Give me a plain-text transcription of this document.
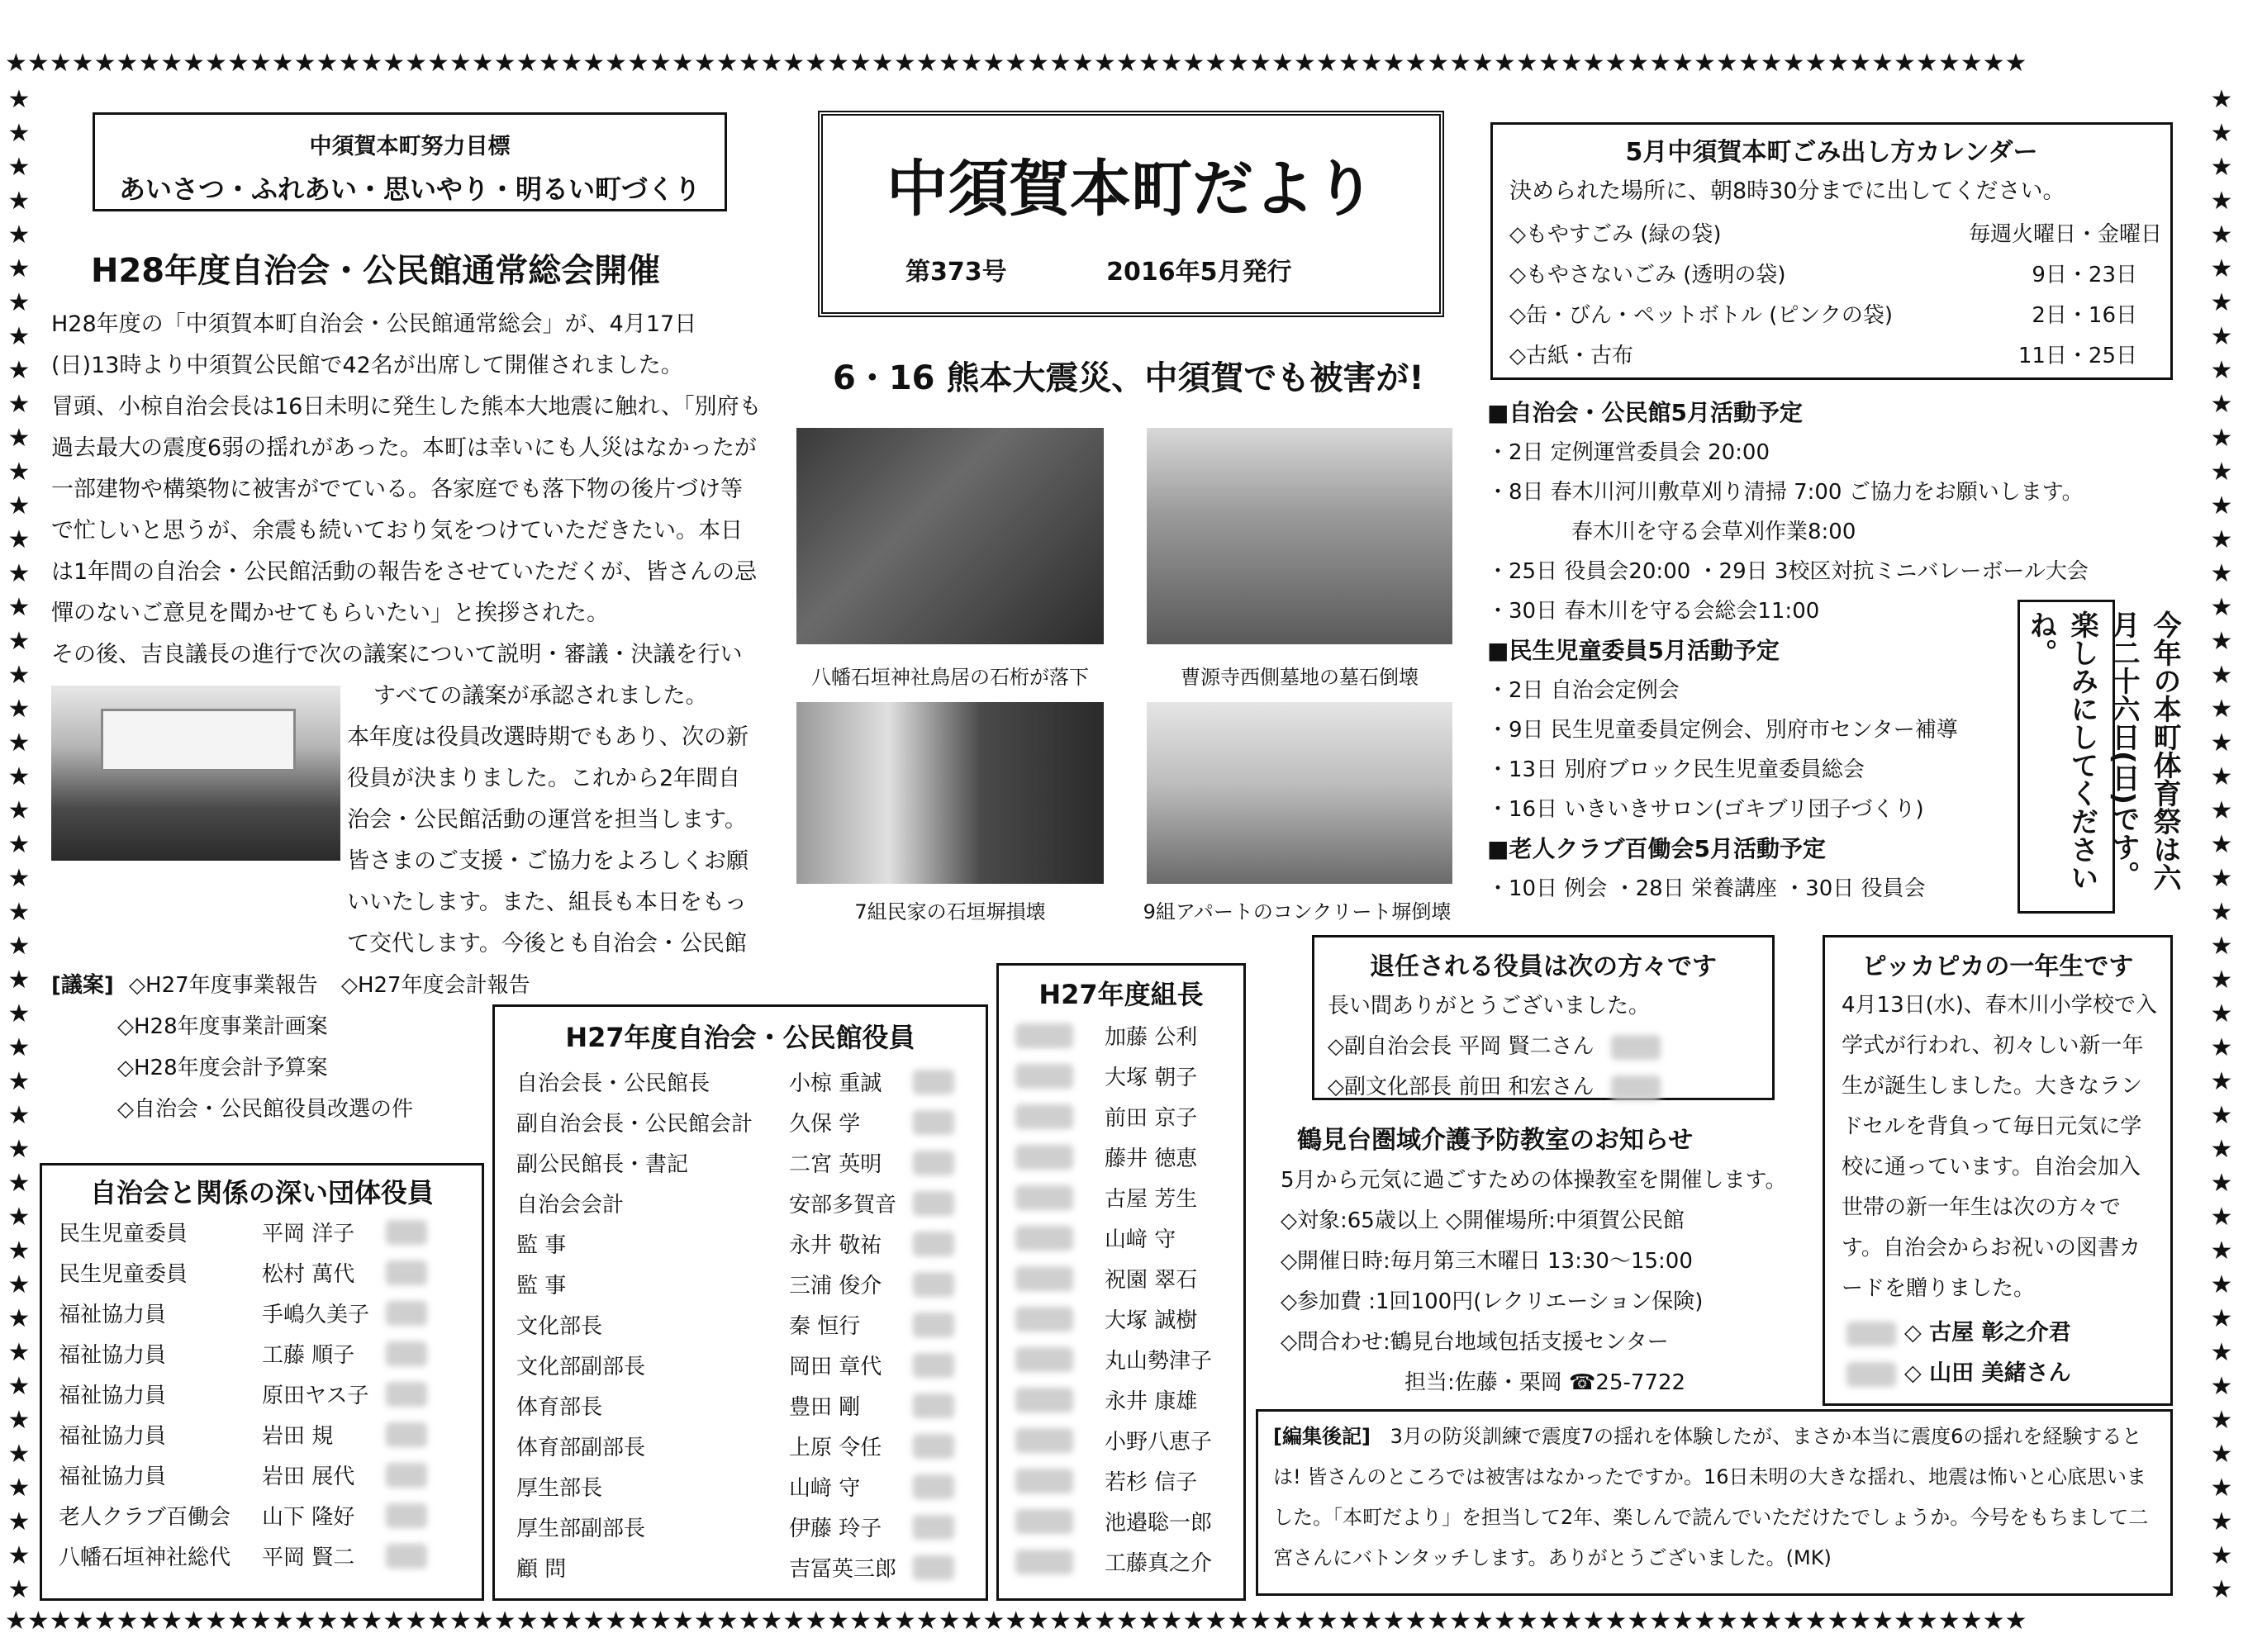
★★★★★★★★★★★★★★★★★★★★★★★★★★★★★★★★★★★★★★★★★★★★★★★★★★★★★★★★★★★★★★★★★★★★★★★★★★★★★★★★★★★★★★★★★★★
★★★★★★★★★★★★★★★★★★★★★★★★★★★★★★★★★★★★★★★★★★★★★★★★★★★★★★★★★★★★★★★★★★★★★★★★★★★★★★★★★★★★★★★★★★★
★★★★★★★★★★★★★★★★★★★★★★★★★★★★★★★★★★★★★★★★★★★★★
★★★★★★★★★★★★★★★★★★★★★★★★★★★★★★★★★★★★★★★★★★★★★
中須賀本町努力目標
あいさつ・ふれあい・思いやり・明るい町づくり	中須賀本町だより
第373号	2016年5月発行
H28年度自治会・公民館通常総会開催
H28年度の「中須賀本町自治会・公民館通常総会」が、4月17日(日)13時より中須賀公民館で42名が出席して開催されました。
冒頭、小椋自治会長は16日未明に発生した熊本大地震に触れ、「別府も過去最大の震度6弱の揺れがあった。本町は幸いにも人災はなかったが一部建物や構築物に被害がでている。各家庭でも落下物の後片づけ等で忙しいと思うが、余震も続いており気をつけていただきたい。本日は1年間の自治会・公民館活動の報告をさせていただくが、皆さんの忌憚のないご意見を聞かせてもらいたい」と挨拶された。
その後、吉良議長の進行で次の議案について説明・審議・決議を行い
すべての議案が承認されました。
本年度は役員改選時期でもあり、次の新役員が決まりました。これから2年間自治会・公民館活動の運営を担当します。皆さまのご支援・ご協力をよろしくお願いいたします。また、組長も本日をもって交代します。今後とも自治会・公民館
[議案] ◇H27年度事業報告 ◇H27年度会計報告
◇H28年度事業計画案
◇H28年度会計予算案
◇自治会・公民館役員改選の件
6・16 熊本大震災、中須賀でも被害が!
八幡石垣神社鳥居の石桁が落下	曹源寺西側墓地の墓石倒壊
7組民家の石垣塀損壊	9組アパートのコンクリート塀倒壊
5月中須賀本町ごみ出し方カレンダー
決められた場所に、朝8時30分までに出してください。
◇もやすごみ (緑の袋)	毎週火曜日・金曜日
◇もやさないごみ (透明の袋)	9日・23日
◇缶・びん・ペットボトル (ピンクの袋)	2日・16日
◇古紙・古布	11日・25日
■自治会・公民館5月活動予定
・2日 定例運営委員会 20:00
・8日 春木川河川敷草刈り清掃 7:00 ご協力をお願いします。
春木川を守る会草刈作業8:00
・25日 役員会20:00 ・29日 3校区対抗ミニバレーボール大会
・30日 春木川を守る会総会11:00
■民生児童委員5月活動予定
・2日 自治会定例会
・9日 民生児童委員定例会、別府市センター補導
・13日 別府ブロック民生児童委員総会
・16日 いきいきサロン(ゴキブリ団子づくり)
■老人クラブ百働会5月活動予定
・10日 例会 ・28日 栄養講座 ・30日 役員会	今年の本町体育祭は六月二十六日(日)です。楽しみにしてくださいね。
退任される役員は次の方々です
長い間ありがとうございました。
◇副自治会長 平岡 賢二さん
◇副文化部長 前田 和宏さん
鶴見台圏域介護予防教室のお知らせ
5月から元気に過ごすための体操教室を開催します。
◇対象:65歳以上 ◇開催場所:中須賀公民館
◇開催日時:毎月第三木曜日 13:30～15:00
◇参加費 :1回100円(レクリエーション保険)
◇問合わせ:鶴見台地域包括支援センター
担当:佐藤・栗岡 ☎25-7722
ピッカピカの一年生です
4月13日(水)、春木川小学校で入学式が行われ、初々しい新一年生が誕生しました。大きなランドセルを背負って毎日元気に学校に通っています。自治会加入世帯の新一年生は次の方々です。自治会からお祝いの図書カードを贈りました。
◇ 古屋 彰之介君
◇ 山田 美緒さん
[編集後記] 3月の防災訓練で震度7の揺れを体験したが、まさか本当に震度6の揺れを経験するとは! 皆さんのところでは被害はなかったですか。16日未明の大きな揺れ、地震は怖いと心底思いました。「本町だより」を担当して2年、楽しんで読んでいただけたでしょうか。今号をもちまして二宮さんにバトンタッチします。ありがとうございました。(MK)
H27年度自治会・公民館役員
自治会長・公民館長	小椋 重誠
副自治会長・公民館会計	久保 学
副公民館長・書記	二宮 英明
自治会会計	安部多賀音
監 事	永井 敬祐
監 事	三浦 俊介
文化部長	秦 恒行
文化部副部長	岡田 章代
体育部長	豊田 剛
体育部副部長	上原 令任
厚生部長	山﨑 守
厚生部副部長	伊藤 玲子
顧 問	吉冨英三郎
H27年度組長
加藤 公利
大塚 朝子
前田 京子
藤井 徳恵
古屋 芳生
山﨑 守
祝園 翠石
大塚 誠樹
丸山勢津子
永井 康雄
小野八恵子
若杉 信子
池邉聡一郎
工藤真之介
自治会と関係の深い団体役員
民生児童委員	平岡 洋子
民生児童委員	松村 萬代
福祉協力員	手嶋久美子
福祉協力員	工藤 順子
福祉協力員	原田ヤス子
福祉協力員	岩田 規
福祉協力員	岩田 展代
老人クラブ百働会	山下 隆好
八幡石垣神社総代	平岡 賢二
